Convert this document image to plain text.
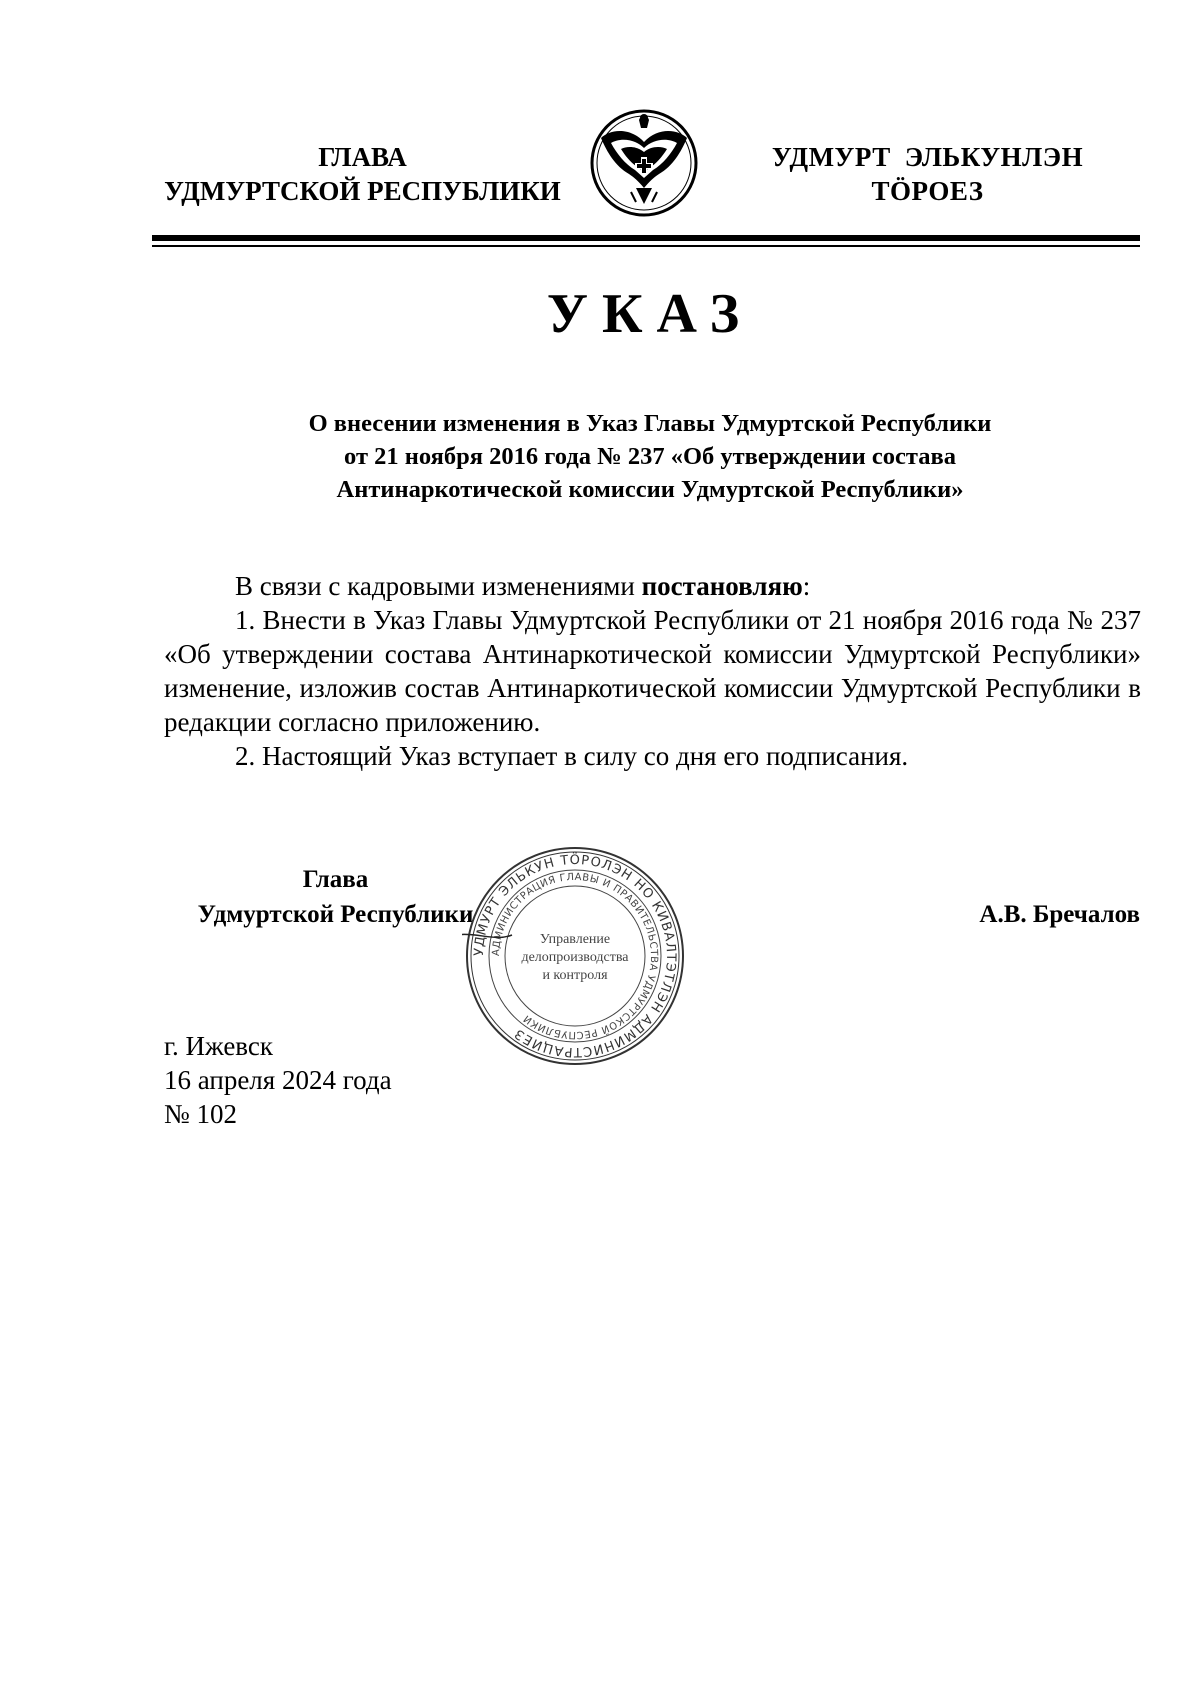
ГЛАВА
УДМУРТСКОЙ РЕСПУБЛИКИ
УДМУРТ ЭЛЬКУНЛЭН
ТӦРОЕЗ
УКАЗ
О внесении изменения в Указ Главы Удмуртской Республики
от 21 ноября 2016 года № 237 «Об утверждении состава
Антинаркотической комиссии Удмуртской Республики»

В связи с кадровыми изменениями постановляю:

1. Внести в Указ Главы Удмуртской Республики от 21 ноября 2016 года № 237 «Об утверждении состава Антинаркотической комиссии Удмуртской Республики» изменение, изложив состав Антинаркотической комиссии Удмуртской Республики в редакции согласно приложению.

2. Настоящий Указ вступает в силу со дня его подписания.

Глава
Удмуртской Республики
УДМУРТ ЭЛЬКУН ТӦРОЛЭН НО КИВАЛТЭТЛЭН АДМИНИСТРАЦИЕЗ
АДМИНИСТРАЦИЯ ГЛАВЫ И ПРАВИТЕЛЬСТВА УДМУРТСКОЙ РЕСПУБЛИКИ
Управление
делопроизводства
и контроля
А.В. Бречалов
г. Ижевск
16 апреля 2024 года
№ 102
